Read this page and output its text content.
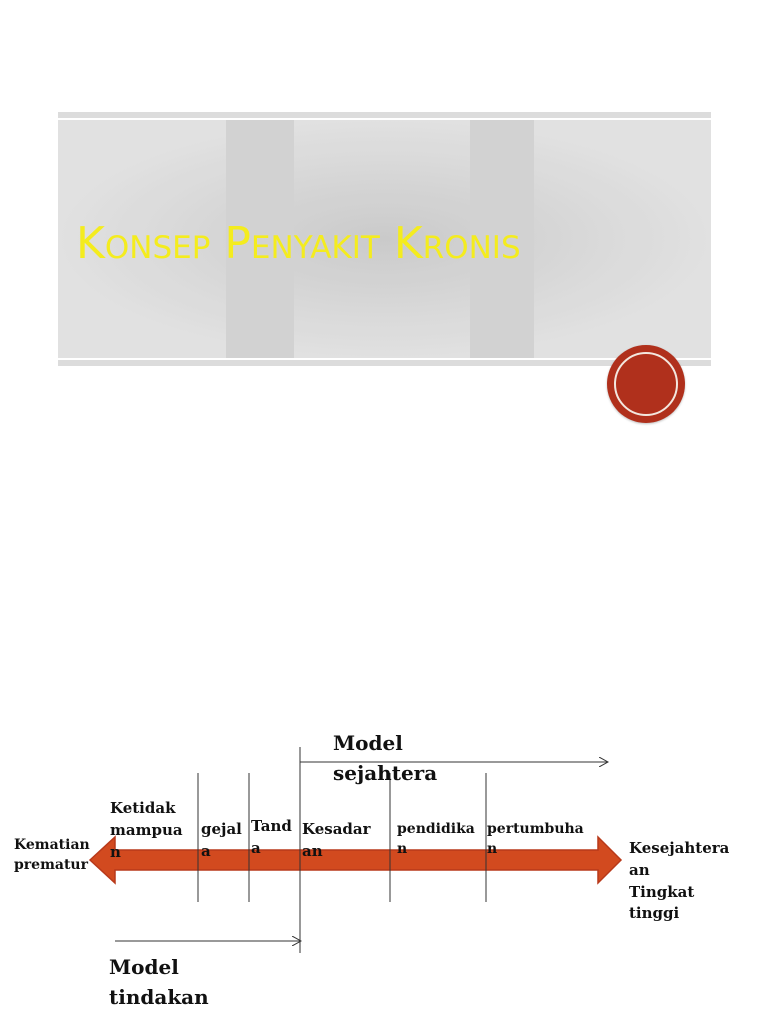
Konsep Penyakit Kronis
Kematian
prematur
Kesejahtera
an
Tingkat
tinggi
Ketidak
mampua
n
gejal
a
Tand
a
Kesadar
an
pendidika
n
pertumbuha
n
Model
sejahtera
Model
tindakan
